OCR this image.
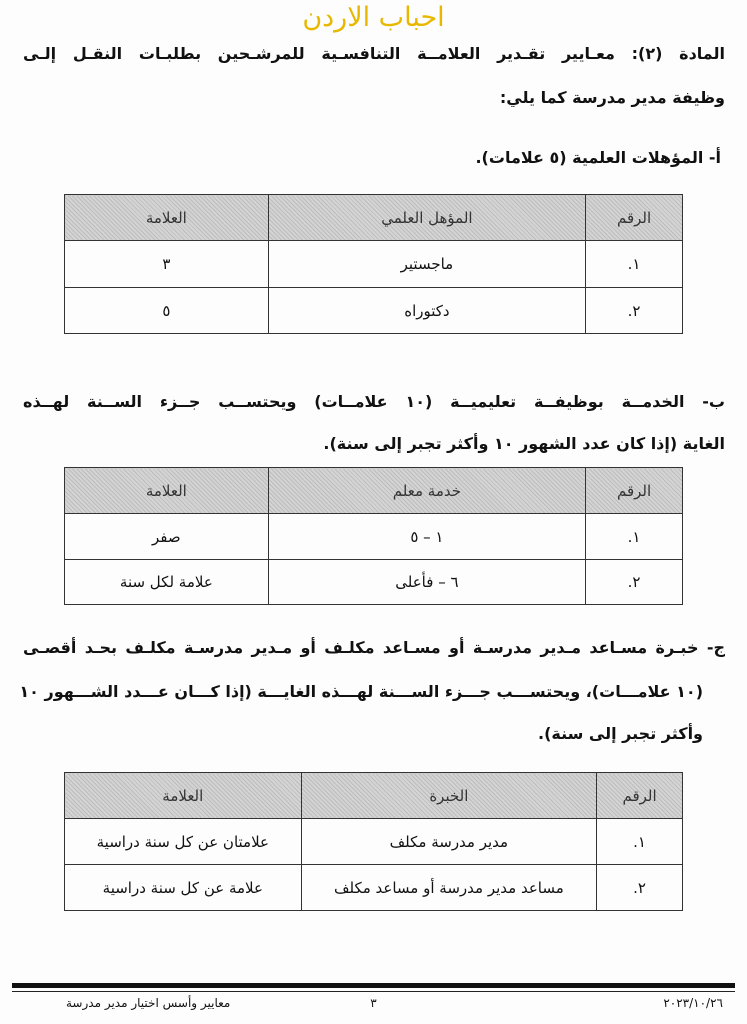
احباب الاردن
المادة (٢): معـايير تقـدير العلامــة التنافسـية للمرشـحين بطلبـات النقـل إلـى
وظيفة مدير مدرسة كما يلي:
أ- المؤهلات العلمية (٥ علامات).
الرقم	المؤهل العلمي	العلامة
١.	ماجستير	٣
٢.	دكتوراه	٥
ب- الخدمــة بوظيفــة تعليميــة (١٠ علامــات) ويحتســب جــزء الســنة لهــذه
الغاية (إذا كان عدد الشهور ١٠ وأكثر تجبر إلى سنة).
الرقم	خدمة معلم	العلامة
١.	١ – ٥	صفر
٢.	٦ – فأعلى	علامة لكل سنة
ج- خبـرة مسـاعد مـدير مدرسـة أو مسـاعد مكلـف أو مـدير مدرسـة مكلـف بحـد أقصـى
(١٠ علامـــات)، ويحتســـب جـــزء الســـنة لهـــذه الغايـــة (إذا كـــان عـــدد الشـــهور ١٠
وأكثر تجبر إلى سنة).
الرقم	الخبرة	العلامة
١.	مدير مدرسة مكلف	علامتان عن كل سنة دراسية
٢.	مساعد مدير مدرسة أو مساعد مكلف	علامة عن كل سنة دراسية
٢٠٢٣/١٠/٢٦
٣
معايير وأسس اختيار مدير مدرسة
